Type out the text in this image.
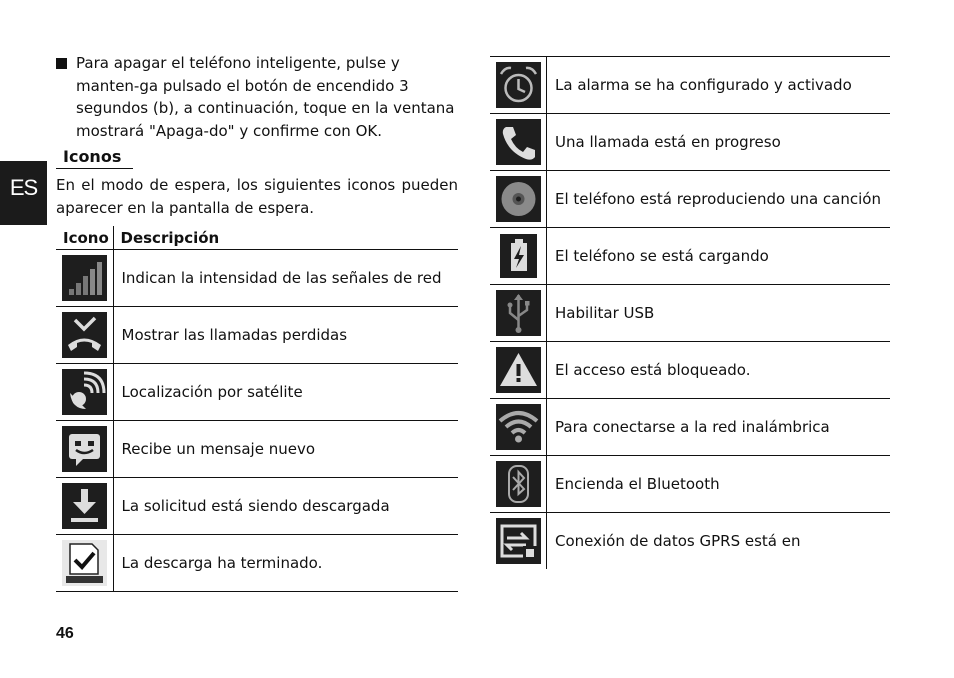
Para apagar el teléfono inteligente, pulse y manten-ga pulsado el botón de encendido 3 segundos (b), a continuación, toque en la ventana mostrará "Apaga-do" y confirme con OK.
Iconos
En el modo de espera, los siguientes iconos pueden aparecer en la pantalla de espera.
ES
46
Icono	Descripción

	Indican la intensidad de las señales de red

	Mostrar las llamadas perdidas

	Localización por satélite

	Recibe un mensaje nuevo

	La solicitud está siendo descargada

	La descarga ha terminado.
	La alarma se ha configurado y activado

	Una llamada está en progreso

	El teléfono está reproduciendo una canción

	El teléfono se está cargando

	Habilitar USB

	El acceso está bloqueado.

	Para conectarse a la red inalámbrica

	Encienda el Bluetooth

	Conexión de datos GPRS está en
